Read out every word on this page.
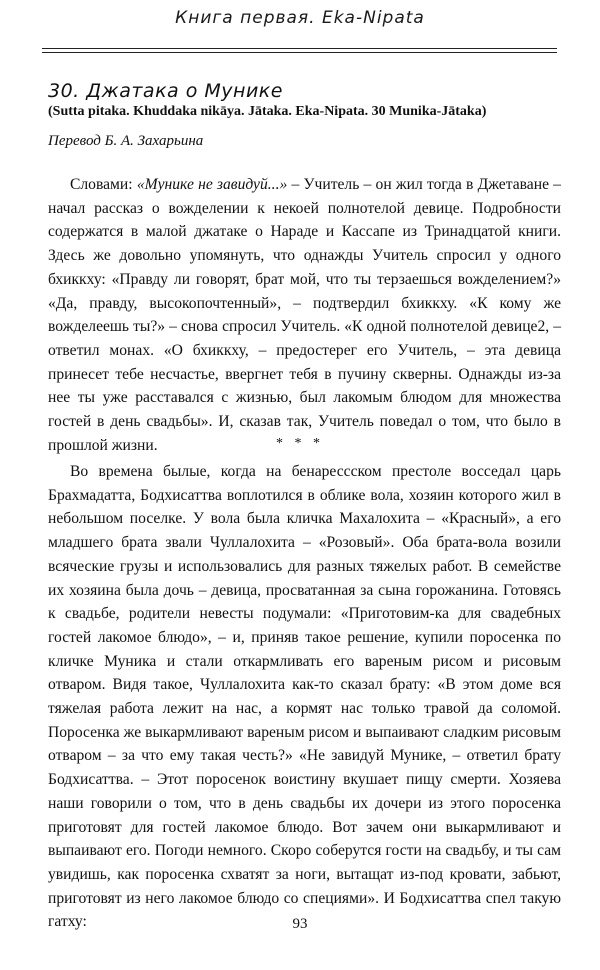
Книга первая. Eka-Nipata
30. Джатака о Мунике
(Sutta pitaka. Khuddaka nikāya. Jātaka. Eka-Nipata. 30 Munika-Jātaka)
Перевод Б. А. Захарьина

Словами: «Мунике не завидуй...» – Учитель – он жил тогда в Джетаване – начал рассказ о вожделении к некоей полнотелой девице. Подробности содержатся в малой джатаке о Нараде и Кассапе из Тринадцатой книги. Здесь же довольно упомянуть, что однажды Учитель спросил у одного бхиккху: «Правду ли говорят, брат мой, что ты терзаешься вожделением?» «Да, правду, высокопочтенный», – подтвердил бхиккху. «К кому же вожделеешь ты?» – снова спросил Учитель. «К одной полнотелой девице2, – ответил монах. «О бхиккху, – предостерег его Учитель, – эта девица принесет тебе несчастье, ввергнет тебя в пучину скверны. Однажды из-за нее ты уже расставался с жизнью, был лакомым блюдом для множества гостей в день свадьбы». И, сказав так, Учитель поведал о том, что было в прошлой жизни.	* * *

Во времена былые, когда на бенарессском престоле восседал царь Брахмадатта, Бодхисаттва воплотился в облике вола, хозяин которого жил в небольшом поселке. У вола была кличка Махалохита – «Красный», а его младшего брата звали Чуллалохита – «Розовый». Оба брата-вола возили всяческие грузы и использовались для разных тяжелых работ. В семействе их хозяина была дочь – девица, просватанная за сына горожанина. Готовясь к свадьбе, родители невесты подумали: «Приготовим-ка для свадебных гостей лакомое блюдо», – и, приняв такое решение, купили поросенка по кличке Муника и стали откармливать его вареным рисом и рисовым отваром. Видя такое, Чуллалохита как-то сказал брату: «В этом доме вся тяжелая работа лежит на нас, а кормят нас только травой да соломой. Поросенка же выкармливают вареным рисом и выпаивают сладким рисовым отваром – за что ему такая честь?» «Не завидуй Мунике, – ответил брату Бодхисаттва. – Этот поросенок воистину вкушает пищу смерти. Хозяева наши говорили о том, что в день свадьбы их дочери из этого поросенка приготовят для гостей лакомое блюдо. Вот зачем они выкармливают и выпаивают его. Погоди немного. Скоро соберутся гости на свадьбу, и ты сам увидишь, как поросенка схватят за ноги, вытащат из-под кровати, забьют, приготовят из него лакомое блюдо со специями». И Бодхисаттва спел такую гатху:	93
